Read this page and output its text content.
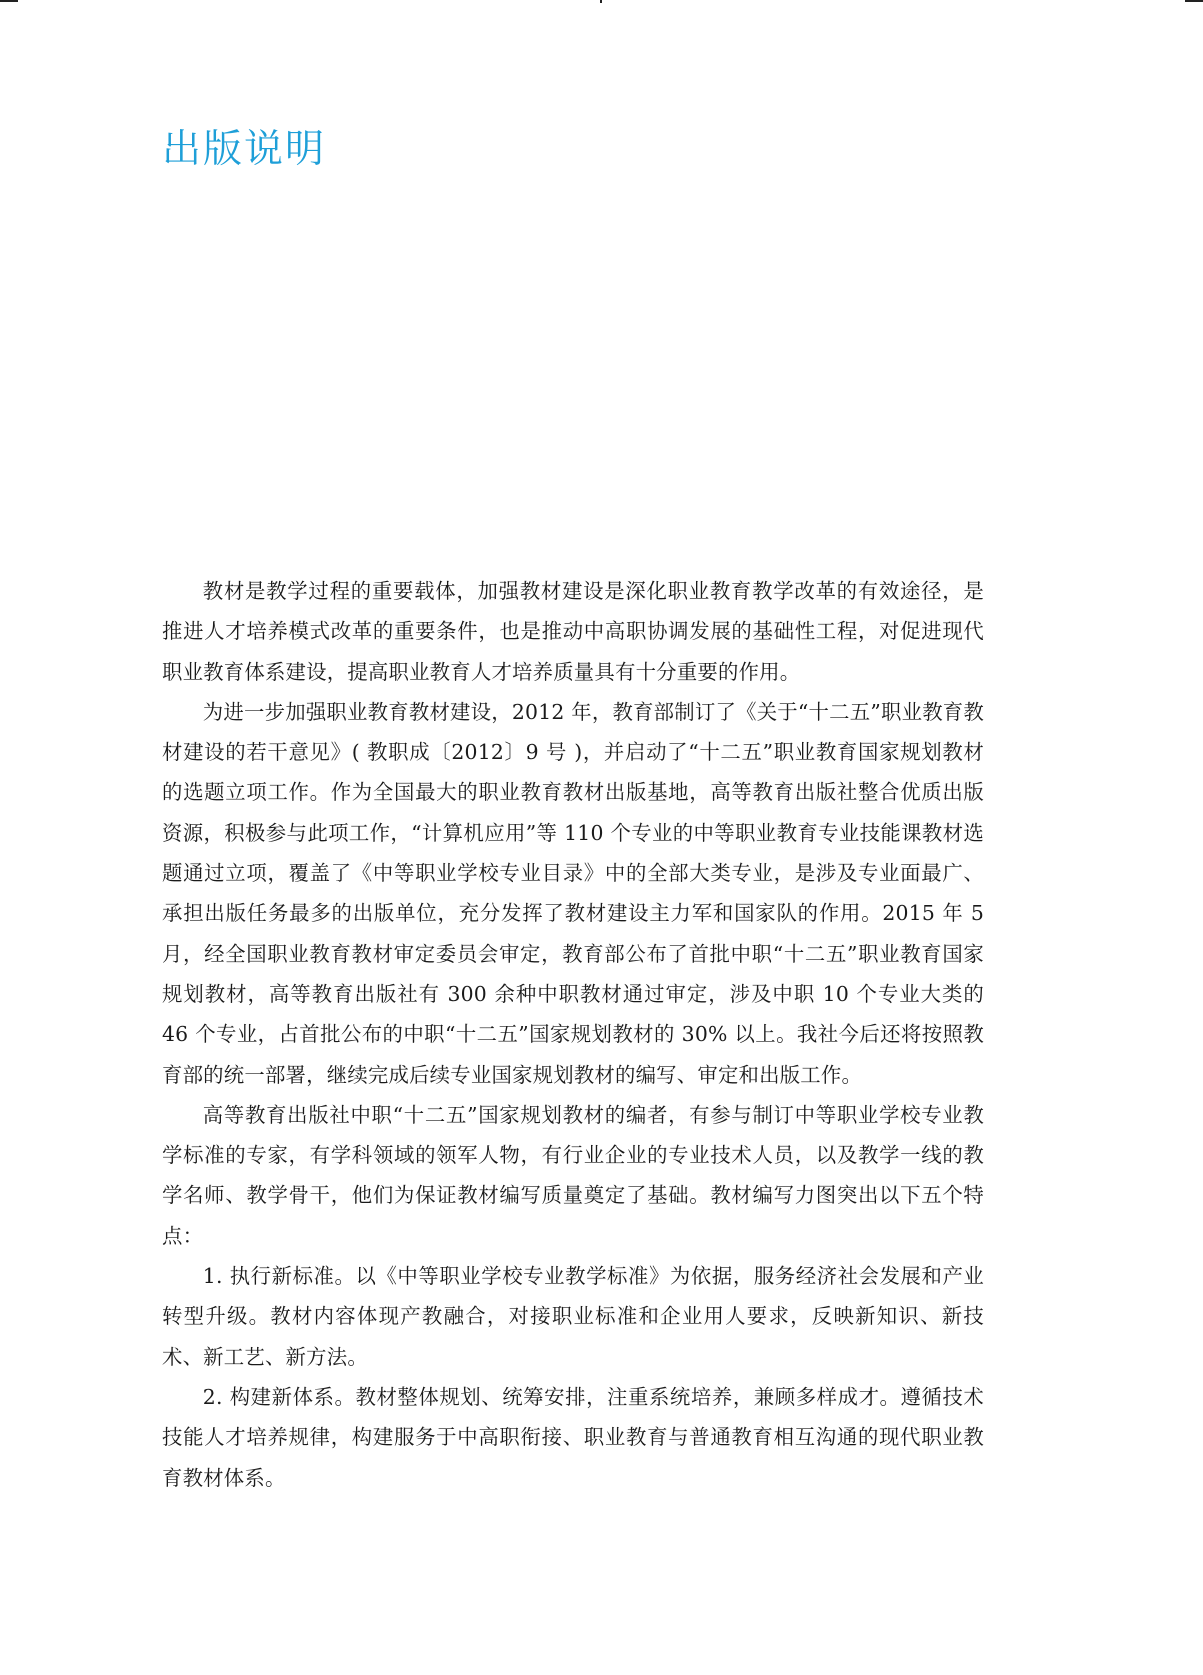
出版说明

教材是教学过程的重要载体，加强教材建设是深化职业教育教学改革的有效途径，是推进人才培养模式改革的重要条件，也是推动中高职协调发展的基础性工程，对促进现代职业教育体系建设，提高职业教育人才培养质量具有十分重要的作用。

为进一步加强职业教育教材建设，2012 年，教育部制订了《关于“十二五”职业教育教材建设的若干意见》( 教职成〔2012〕9 号 )，并启动了“十二五”职业教育国家规划教材的选题立项工作。作为全国最大的职业教育教材出版基地，高等教育出版社整合优质出版资源，积极参与此项工作，“计算机应用”等 110 个专业的中等职业教育专业技能课教材选题通过立项，覆盖了《中等职业学校专业目录》中的全部大类专业，是涉及专业面最广、承担出版任务最多的出版单位，充分发挥了教材建设主力军和国家队的作用。2015 年 5 月，经全国职业教育教材审定委员会审定，教育部公布了首批中职“十二五”职业教育国家规划教材，高等教育出版社有 300 余种中职教材通过审定，涉及中职 10 个专业大类的 46 个专业，占首批公布的中职“十二五”国家规划教材的 30% 以上。我社今后还将按照教育部的统一部署，继续完成后续专业国家规划教材的编写、审定和出版工作。

高等教育出版社中职“十二五”国家规划教材的编者，有参与制订中等职业学校专业教学标准的专家，有学科领域的领军人物，有行业企业的专业技术人员，以及教学一线的教学名师、教学骨干，他们为保证教材编写质量奠定了基础。教材编写力图突出以下五个特点：

1. 执行新标准。以《中等职业学校专业教学标准》为依据，服务经济社会发展和产业转型升级。教材内容体现产教融合，对接职业标准和企业用人要求，反映新知识、新技术、新工艺、新方法。

2. 构建新体系。教材整体规划、统筹安排，注重系统培养，兼顾多样成才。遵循技术技能人才培养规律，构建服务于中高职衔接、职业教育与普通教育相互沟通的现代职业教育教材体系。
